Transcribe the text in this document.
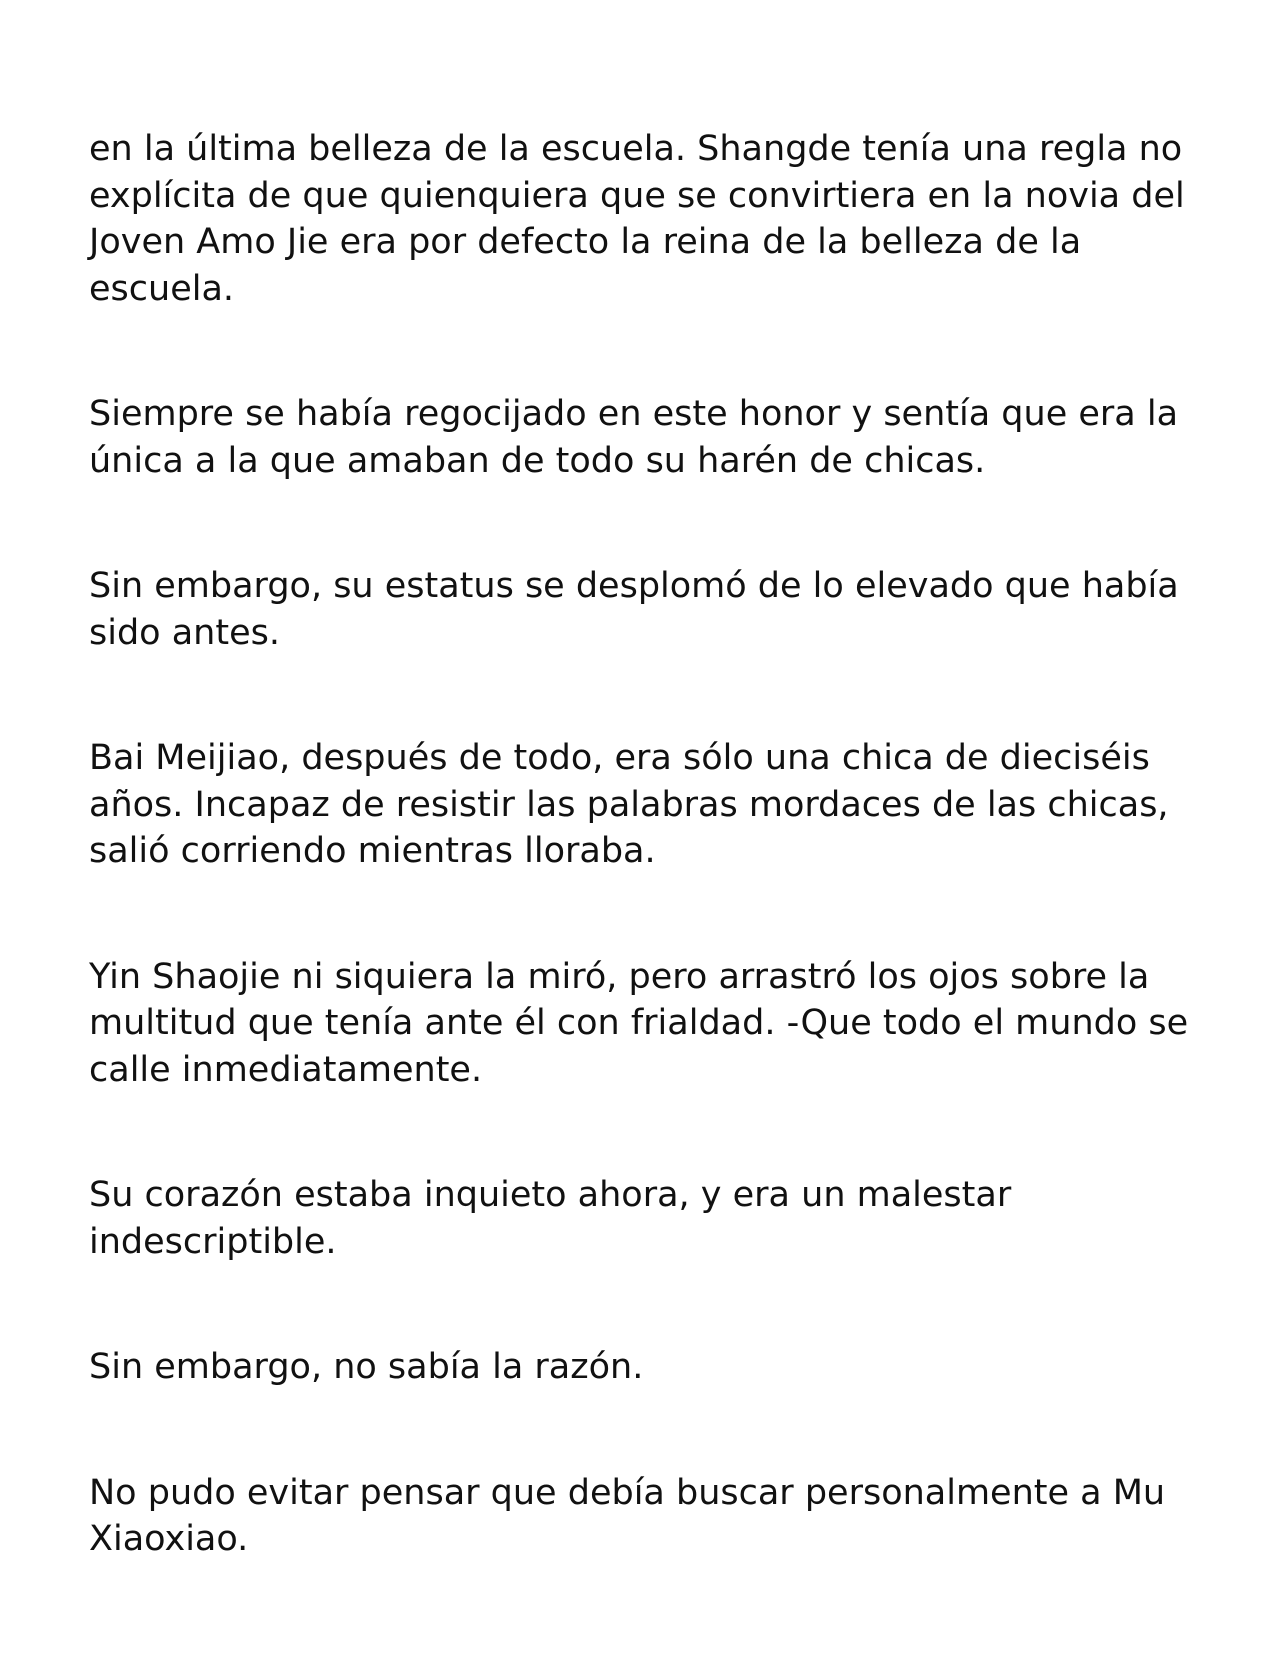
en la última belleza de la escuela. Shangde tenía una regla no explícita de que quienquiera que se convirtiera en la novia del Joven Amo Jie era por defecto la reina de la belleza de la escuela.

Siempre se había regocijado en este honor y sentía que era la única a la que amaban de todo su harén de chicas.

Sin embargo, su estatus se desplomó de lo elevado que había sido antes.

Bai Meijiao, después de todo, era sólo una chica de dieciséis años. Incapaz de resistir las palabras mordaces de las chicas, salió corriendo mientras lloraba.

Yin Shaojie ni siquiera la miró, pero arrastró los ojos sobre la multitud que tenía ante él con frialdad. -Que todo el mundo se calle inmediatamente.

Su corazón estaba inquieto ahora, y era un malestar indescriptible.

Sin embargo, no sabía la razón.

No pudo evitar pensar que debía buscar personalmente a Mu Xiaoxiao.
